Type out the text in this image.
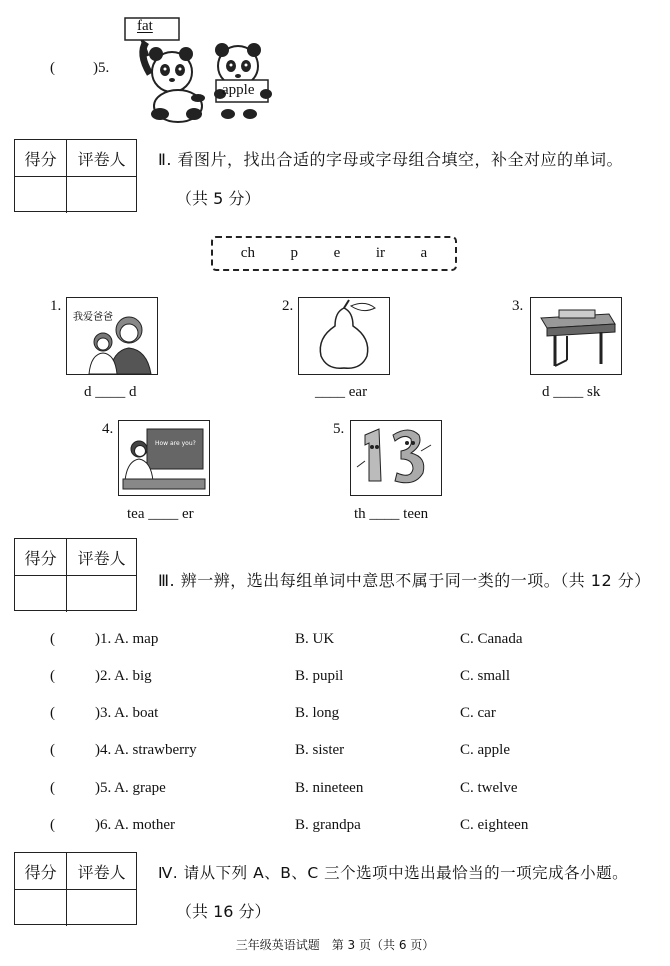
(	)5.
fat
apple
得分	评卷人	Ⅱ. 看图片，找出合适的字母或字母组合填空，补全对应的单词。
（共 5 分）
ch p e ir a
1.
我爱爸爸
d ____ d
2.
____ ear
3.
d ____ sk
4.
How are you?
tea ____ er
5.
th ____ teen
得分	评卷人
Ⅲ. 辨一辨，选出每组单词中意思不属于同一类的一项。（共 12 分）
(	)1. A. map	B. UK	C. Canada
(	)2. A. big	B. pupil	C. small
(	)3. A. boat	B. long	C. car
(	)4. A. strawberry	B. sister	C. apple
(	)5. A. grape	B. nineteen	C. twelve
(	)6. A. mother	B. grandpa	C. eighteen
得分	评卷人	Ⅳ. 请从下列 A、B、C 三个选项中选出最恰当的一项完成各小题。
（共 16 分）
三年级英语试题　第 3 页（共 6 页）
